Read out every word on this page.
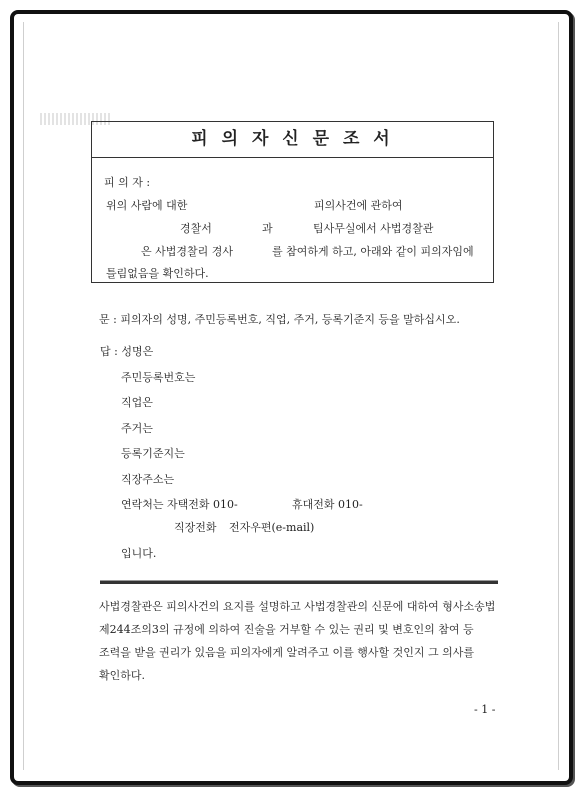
피 의 자 신 문 조 서
피 의 자 :
위의 사람에 대한	피의사건에 관하여
경찰서	과	팀사무실에서 사법경찰관
은 사법경찰리 경사	를 참여하게 하고, 아래와 같이 피의자임에
틀림없음을 확인하다.
문 : 피의자의 성명, 주민등록번호, 직업, 주거, 등록기준지 등을 말하십시오.
답 : 성명은
주민등록번호는
직업은
주거는
등록기준지는
직장주소는
연락처는 자택전화 010-	휴대전화 010-
직장전화 전자우편(e-mail)
입니다.
사법경찰관은 피의사건의 요지를 설명하고 사법경찰관의 신문에 대하여 형사소송법
제244조의3의 규정에 의하여 진술을 거부할 수 있는 권리 및 변호인의 참여 등
조력을 받을 권리가 있음을 피의자에게 알려주고 이를 행사할 것인지 그 의사를
확인하다.
- 1 -
